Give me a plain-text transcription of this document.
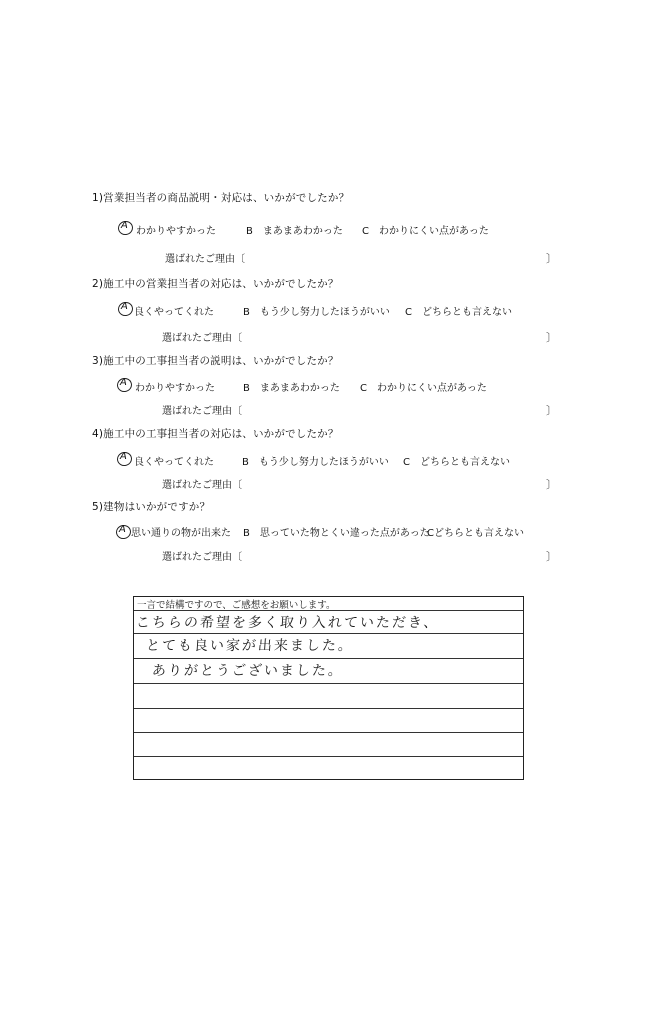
1)営業担当者の商品説明・対応は、いかがでしたか？
A
わかりやすかった	B　まあまあわかった C　わかりにくい点があった
選ばれたご理由〔	〕
2)施工中の営業担当者の対応は、いかがでしたか？
A
良くやってくれた	B　もう少し努力したほうがいい C　どちらとも言えない
選ばれたご理由〔	〕
3)施工中の工事担当者の説明は、いかがでしたか？
A
わかりやすかった	B　まあまあわかった C　わかりにくい点があった
選ばれたご理由〔	〕
4)施工中の工事担当者の対応は、いかがでしたか？
A
良くやってくれた	B　もう少し努力したほうがいい C　どちらとも言えない
選ばれたご理由〔	〕
5)建物はいかがですか？
A 思い通りの物が出来た B　思っていた物とくい違った点があった
Cどちらとも言えない
選ばれたご理由〔	〕
一言で結構ですので、ご感想をお願いします。
こちらの希望を多く取り入れていただき、
とても良い家が出来ました。
ありがとうございました。
